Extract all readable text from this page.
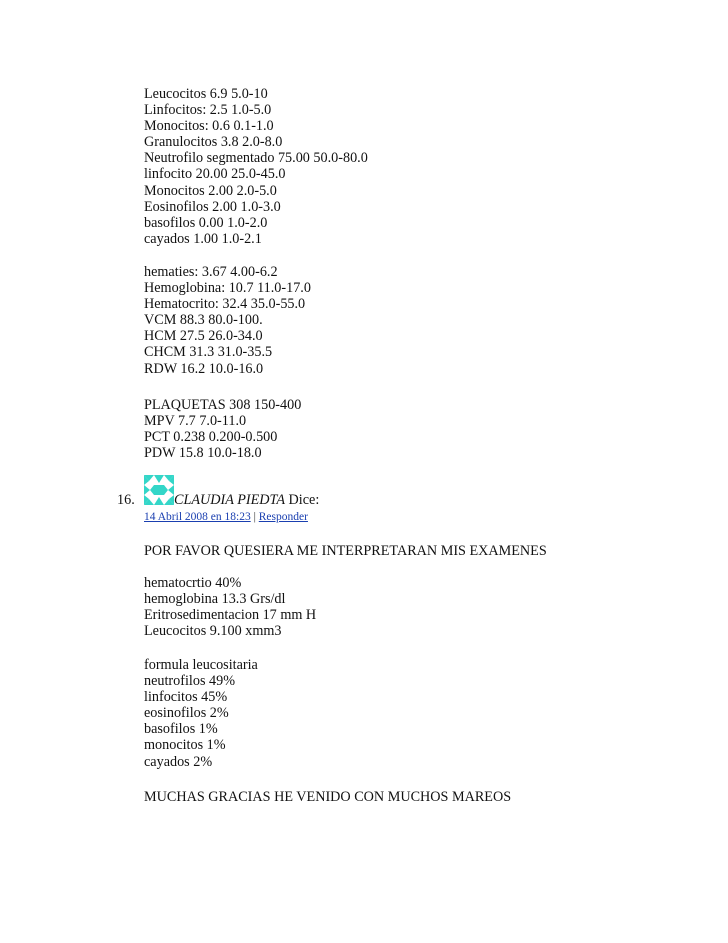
Leucocitos 6.9 5.0-10
Linfocitos: 2.5 1.0-5.0
Monocitos: 0.6 0.1-1.0
Granulocitos 3.8 2.0-8.0
Neutrofilo segmentado 75.00 50.0-80.0
linfocito 20.00 25.0-45.0
Monocitos 2.00 2.0-5.0
Eosinofilos 2.00 1.0-3.0
basofilos 0.00 1.0-2.0
cayados 1.00 1.0-2.1
hematies: 3.67 4.00-6.2
Hemoglobina: 10.7 11.0-17.0
Hematocrito: 32.4 35.0-55.0
VCM 88.3 80.0-100.
HCM 27.5 26.0-34.0
CHCM 31.3 31.0-35.5
RDW 16.2 10.0-16.0
PLAQUETAS 308 150-400
MPV 7.7 7.0-11.0
PCT 0.238 0.200-0.500
PDW 15.8 10.0-18.0
16.	CLAUDIA PIEDTA Dice:
14 Abril 2008 en 18:23 | Responder
POR FAVOR QUESIERA ME INTERPRETARAN MIS EXAMENES
hematocrtio 40%
hemoglobina 13.3 Grs/dl
Eritrosedimentacion 17 mm H
Leucocitos 9.100 xmm3
formula leucositaria
neutrofilos 49%
linfocitos 45%
eosinofilos 2%
basofilos 1%
monocitos 1%
cayados 2%
MUCHAS GRACIAS HE VENIDO CON MUCHOS MAREOS
